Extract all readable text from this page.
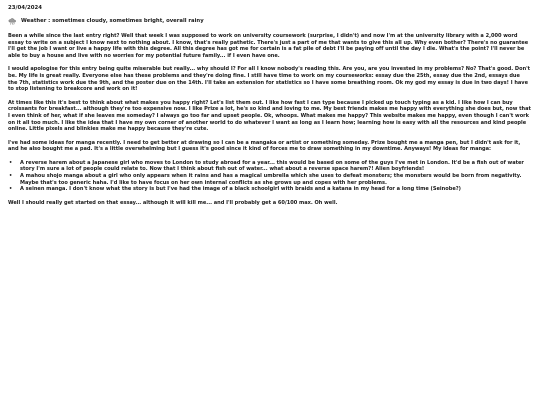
23/04/2024
Weather : sometimes cloudy, sometimes bright, overall rainy

Been a while since the last entry right? Well that week I was supposed to work on university coursework (surprise, I didn't) and now I'm at the university library with a 2,000 word essay to write on a subject I know next to nothing about. I know, that's really pathetic. There's just a part of me that wants to give this all up. Why even bother? There's no guarantee I'll get the job I want or live a happy life with this degree. All this degree has got me for certain is a fat pile of debt I'll be paying off until the day I die. What's the point? I'll never be able to buy a house and live with no worries for my potential future family... if I even have one.

I would apologise for this entry being quite miserable but really... why should I? For all I know nobody's reading this. Are you, are you invested in my problems? No? That's good. Don't be. My life is great really. Everyone else has these problems and they're doing fine. I still have time to work on my courseworks: essay due the 25th, essay due the 2nd, essays due the 7th, statistics work due the 9th, and the poster due on the 14th. I'll take an extension for statistics so I have some breathing room. Ok my god my essay is due in two days! I have to stop listening to breakcore and work on it!

At times like this it's best to think about what makes you happy right? Let's list them out. I like how fast I can type because I picked up touch typing as a kid. I like how I can buy croissants for breakfast... although they're too expensive now. I like Prize a lot, he's so kind and loving to me. My best friends makes me happy with everything she does but, now that I even think of her, what if she leaves me someday? I always go too far and upset people. Ok, whoops. What makes me happy? This website makes me happy, even though I can't work on it all too much. I like the idea that I have my own corner of another world to do whatever I want as long as I learn how; learning how is easy with all the resources and kind people online. Little pixels and blinkies make me happy because they're cute.

I've had some ideas for manga recently. I need to get better at drawing so I can be a mangaka or artist or something someday. Prize bought me a manga pen, but I didn't ask for it, and he also bought me a pad. It's a little overwhelming but I guess it's good since it kind of forces me to draw something in my downtime. Anyways! My ideas for manga:

• A reverse harem about a Japanese girl who moves to London to study abroad for a year... this would be based on some of the guys I've met in London. It'd be a fish out of water story I'm sure a lot of people could relate to. Now that I think about fish out of water... what about a reverse space harem?! Alien boyfriends!
• A mahou shojo manga about a girl who only appears when it rains and has a magical umbrella which she uses to defeat monsters; the monsters would be born from negativity. Maybe that's too generic haha. I'd like to have focus on her own internal conflicts as she grows up and copes with her problems.
• A seinen manga. I don't know what the story is but I've had the image of a black schoolgirl with braids and a katana in my head for a long time (Seinobe?)

Well I should really get started on that essay... although it will kill me... and I'll probably get a 60/100 max. Oh well.
